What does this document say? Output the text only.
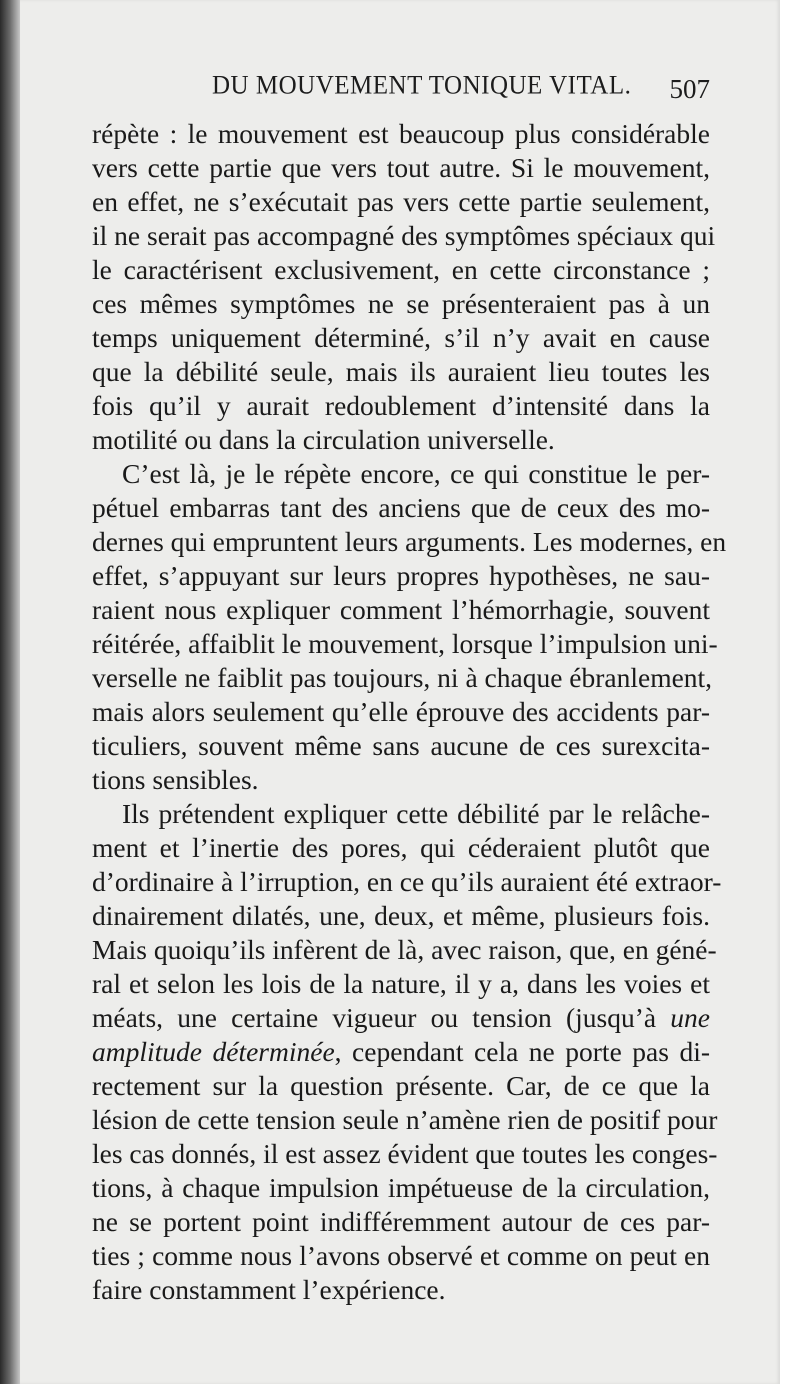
DU MOUVEMENT TONIQUE VITAL. 507
répète : le mouvement est beaucoup plus considérable
vers cette partie que vers tout autre. Si le mouvement,
en effet, ne s’exécutait pas vers cette partie seulement,
il ne serait pas accompagné des symptômes spéciaux qui
le caractérisent exclusivement, en cette circonstance ;
ces mêmes symptômes ne se présenteraient pas à un
temps uniquement déterminé, s’il n’y avait en cause
que la débilité seule, mais ils auraient lieu toutes les
fois qu’il y aurait redoublement d’intensité dans la
motilité ou dans la circulation universelle.
C’est là, je le répète encore, ce qui constitue le per-
pétuel embarras tant des anciens que de ceux des mo-
dernes qui empruntent leurs arguments. Les modernes, en
effet, s’appuyant sur leurs propres hypothèses, ne sau-
raient nous expliquer comment l’hémorrhagie, souvent
réitérée, affaiblit le mouvement, lorsque l’impulsion uni-
verselle ne faiblit pas toujours, ni à chaque ébranlement,
mais alors seulement qu’elle éprouve des accidents par-
ticuliers, souvent même sans aucune de ces surexcita-
tions sensibles.
Ils prétendent expliquer cette débilité par le relâche-
ment et l’inertie des pores, qui céderaient plutôt que
d’ordinaire à l’irruption, en ce qu’ils auraient été extraor-
dinairement dilatés, une, deux, et même, plusieurs fois.
Mais quoiqu’ils infèrent de là, avec raison, que, en géné-
ral et selon les lois de la nature, il y a, dans les voies et
méats, une certaine vigueur ou tension (jusqu’à une
amplitude déterminée, cependant cela ne porte pas di-
rectement sur la question présente. Car, de ce que la
lésion de cette tension seule n’amène rien de positif pour
les cas donnés, il est assez évident que toutes les conges-
tions, à chaque impulsion impétueuse de la circulation,
ne se portent point indifféremment autour de ces par-
ties ; comme nous l’avons observé et comme on peut en
faire constamment l’expérience.
